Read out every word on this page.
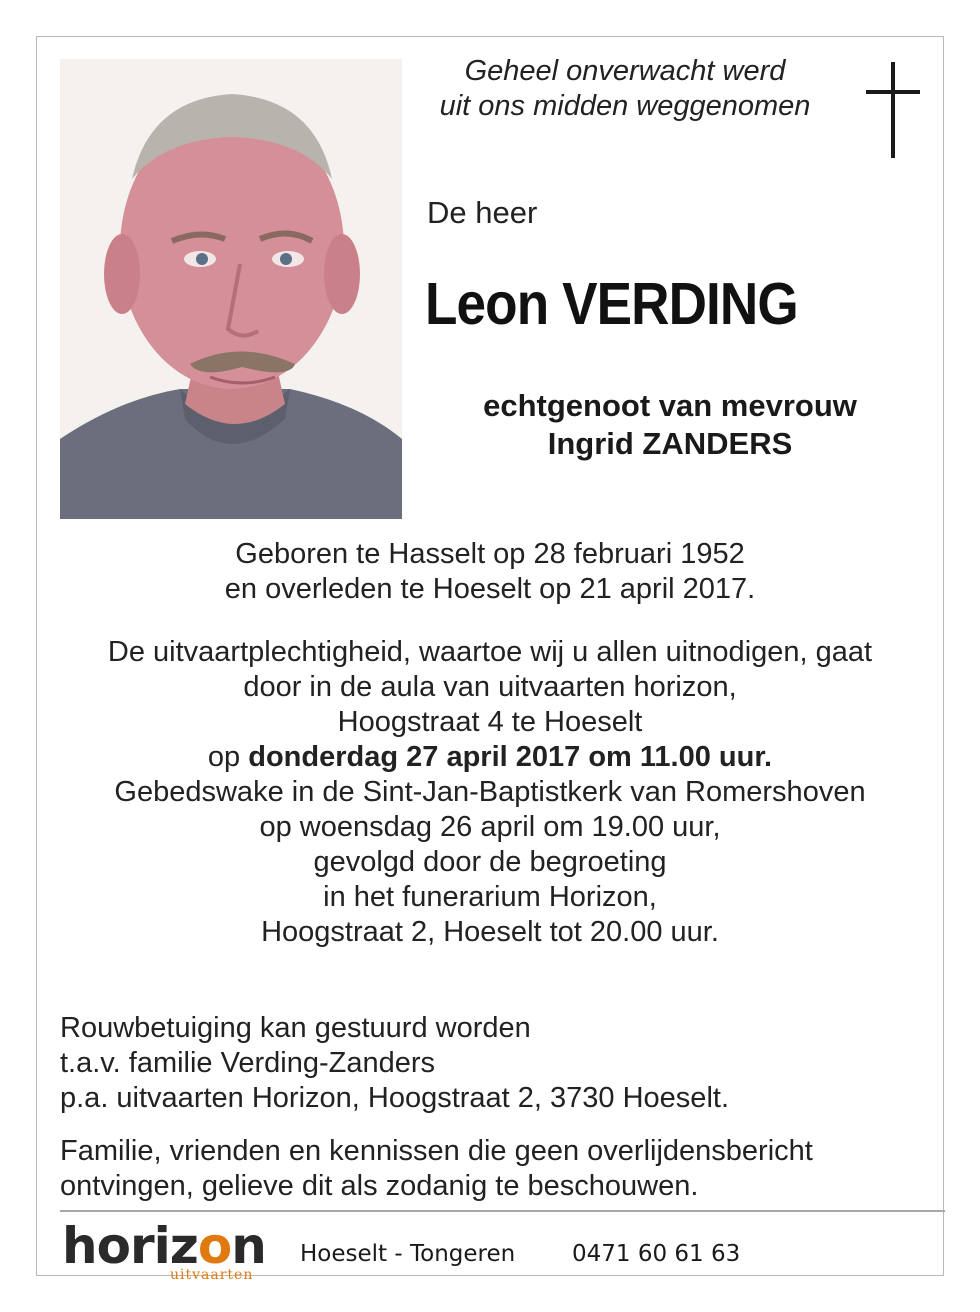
Geheel onverwacht werd
uit ons midden weggenomen
De heer
Leon VERDING
echtgenoot van mevrouw
Ingrid ZANDERS
Geboren te Hasselt op 28 februari 1952
en overleden te Hoeselt op 21 april 2017.
De uitvaartplechtigheid, waartoe wij u allen uitnodigen, gaat
door in de aula van uitvaarten horizon,
Hoogstraat 4 te Hoeselt
op donderdag 27 april 2017 om 11.00 uur.
Gebedswake in de Sint-Jan-Baptistkerk van Romershoven
op woensdag 26 april om 19.00 uur,
gevolgd door de begroeting
in het funerarium Horizon,
Hoogstraat 2, Hoeselt tot 20.00 uur.
Rouwbetuiging kan gestuurd worden
t.a.v. familie Verding-Zanders
p.a. uitvaarten Horizon, Hoogstraat 2, 3730 Hoeselt.
Familie, vrienden en kennissen die geen overlijdensbericht
ontvingen, gelieve dit als zodanig te beschouwen.
horizon
uitvaarten
Hoeselt - Tongeren 0471 60 61 63
